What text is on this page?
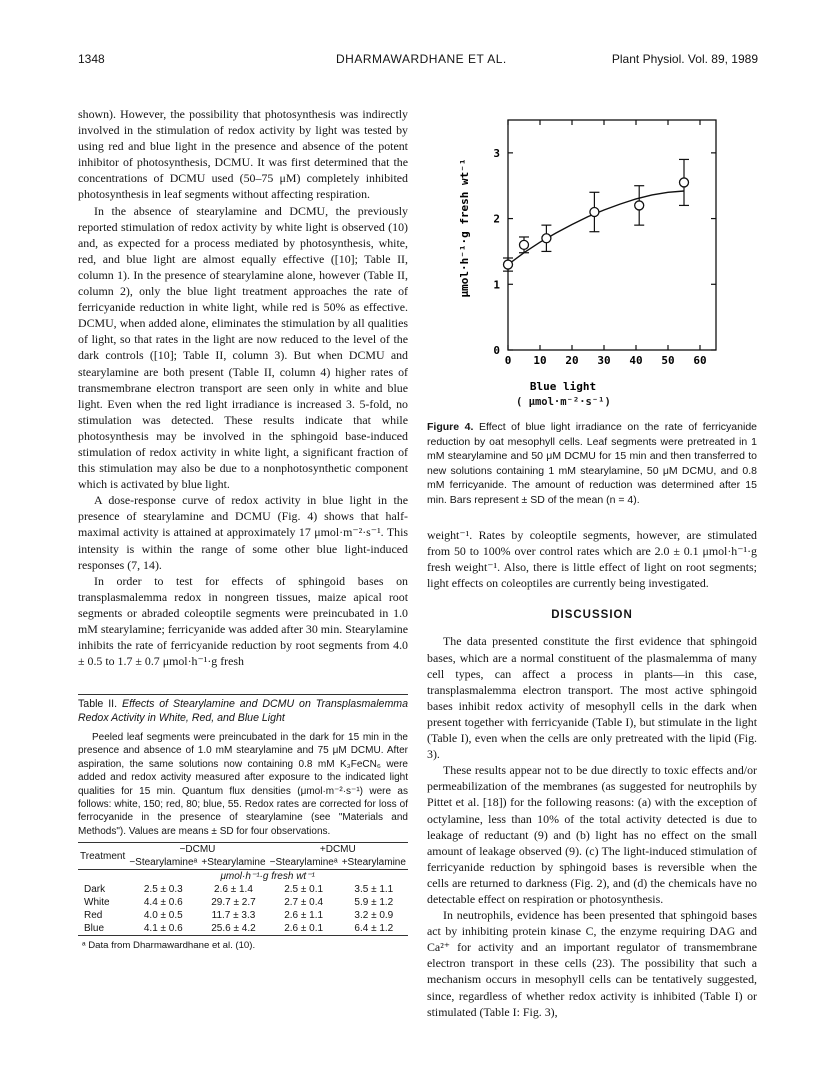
1348	DHARMAWARDHANE ET AL.	Plant Physiol. Vol. 89, 1989

shown). However, the possibility that photosynthesis was indirectly involved in the stimulation of redox activity by light was tested by using red and blue light in the presence and absence of the potent inhibitor of photosynthesis, DCMU. It was first determined that the concentrations of DCMU used (50–75 μM) completely inhibited photosynthesis in leaf segments without affecting respiration.

In the absence of stearylamine and DCMU, the previously reported stimulation of redox activity by white light is observed (10) and, as expected for a process mediated by photosynthesis, white, red, and blue light are almost equally effective ([10]; Table II, column 1). In the presence of stearylamine alone, however (Table II, column 2), only the blue light treatment approaches the rate of ferricyanide reduction in white light, while red is 50% as effective. DCMU, when added alone, eliminates the stimulation by all qualities of light, so that rates in the light are now reduced to the level of the dark controls ([10]; Table II, column 3). But when DCMU and stearylamine are both present (Table II, column 4) higher rates of transmembrane electron transport are seen only in white and blue light. Even when the red light irradiance is increased 3. 5-fold, no stimulation was detected. These results indicate that while photosynthesis may be involved in the sphingoid base-induced stimulation of redox activity in white light, a significant fraction of this stimulation may also be due to a nonphotosynthetic component which is activated by blue light.

A dose-response curve of redox activity in blue light in the presence of stearylamine and DCMU (Fig. 4) shows that half-maximal activity is attained at approximately 17 μmol·m⁻²·s⁻¹. This intensity is within the range of some other blue light-induced responses (7, 14).

In order to test for effects of sphingoid bases on transplasmalemma redox in nongreen tissues, maize apical root segments or abraded coleoptile segments were preincubated in 1.0 mM stearylamine; ferricyanide was added after 30 min. Stearylamine inhibits the rate of ferricyanide reduction by root segments from 4.0 ± 0.5 to 1.7 ± 0.7 μmol·h⁻¹·g fresh

Table II. Effects of Stearylamine and DCMU on Transplasmalemma Redox Activity in White, Red, and Blue Light
Peeled leaf segments were preincubated in the dark for 15 min in the presence and absence of 1.0 mM stearylamine and 75 μM DCMU. After aspiration, the same solutions now containing 0.8 mM K₃FeCN₆ were added and redox activity measured after exposure to the indicated light qualities for 15 min. Quantum flux densities (μmol·m⁻²·s⁻¹) were as follows: white, 150; red, 80; blue, 55. Redox rates are corrected for loss of ferrocyanide in the presence of stearylamine (see "Materials and Methods"). Values are means ± SD for four observations.
Treatment	−DCMU		+DCMU	
	−Stearylamineᵃ	+Stearylamine	−Stearylamineᵃ	+Stearylamine
	μmol·h⁻¹·g fresh wt⁻¹			
Dark	2.5 ± 0.3	2.6 ± 1.4	2.5 ± 0.1	3.5 ± 1.1
White	4.4 ± 0.6	29.7 ± 2.7	2.7 ± 0.4	5.9 ± 1.2
Red	4.0 ± 0.5	11.7 ± 3.3	2.6 ± 1.1	3.2 ± 0.9
Blue	4.1 ± 0.6	25.6 ± 4.2	2.6 ± 0.1	6.4 ± 1.2
ᵃ Data from Dharmawardhane et al. (10).
0 10 20 30 40 50 60
0
1
2
3
μmol·h⁻¹·g fresh wt⁻¹
Blue light
( μmol·m⁻²·s⁻¹)
Figure 4. Effect of blue light irradiance on the rate of ferricyanide reduction by oat mesophyll cells. Leaf segments were pretreated in 1 mM stearylamine and 50 μM DCMU for 15 min and then transferred to new solutions containing 1 mM stearylamine, 50 μM DCMU, and 0.8 mM ferricyanide. The amount of reduction was determined after 15 min. Bars represent ± SD of the mean (n = 4).

weight⁻¹. Rates by coleoptile segments, however, are stimulated from 50 to 100% over control rates which are 2.0 ± 0.1 μmol·h⁻¹·g fresh weight⁻¹. Also, there is little effect of light on root segments; light effects on coleoptiles are currently being investigated.

DISCUSSION

The data presented constitute the first evidence that sphingoid bases, which are a normal constituent of the plasmalemma of many cell types, can affect a process in plants—in this case, transplasmalemma electron transport. The most active sphingoid bases inhibit redox activity of mesophyll cells in the dark when present together with ferricyanide (Table I), but stimulate in the light (Table I), even when the cells are only pretreated with the lipid (Fig. 3).

These results appear not to be due directly to toxic effects and/or permeabilization of the membranes (as suggested for neutrophils by Pittet et al. [18]) for the following reasons: (a) with the exception of octylamine, less than 10% of the total activity detected is due to leakage of reductant (9) and (b) light has no effect on the small amount of leakage observed (9). (c) The light-induced stimulation of ferricyanide reduction by sphingoid bases is reversible when the cells are returned to darkness (Fig. 2), and (d) the chemicals have no detectable effect on respiration or photosynthesis.

In neutrophils, evidence has been presented that sphingoid bases act by inhibiting protein kinase C, the enzyme requiring DAG and Ca²⁺ for activity and an important regulator of transmembrane electron transport in these cells (23). The possibility that such a mechanism occurs in mesophyll cells can be tentatively suggested, since, regardless of whether redox activity is inhibited (Table I) or stimulated (Table I: Fig. 3),
